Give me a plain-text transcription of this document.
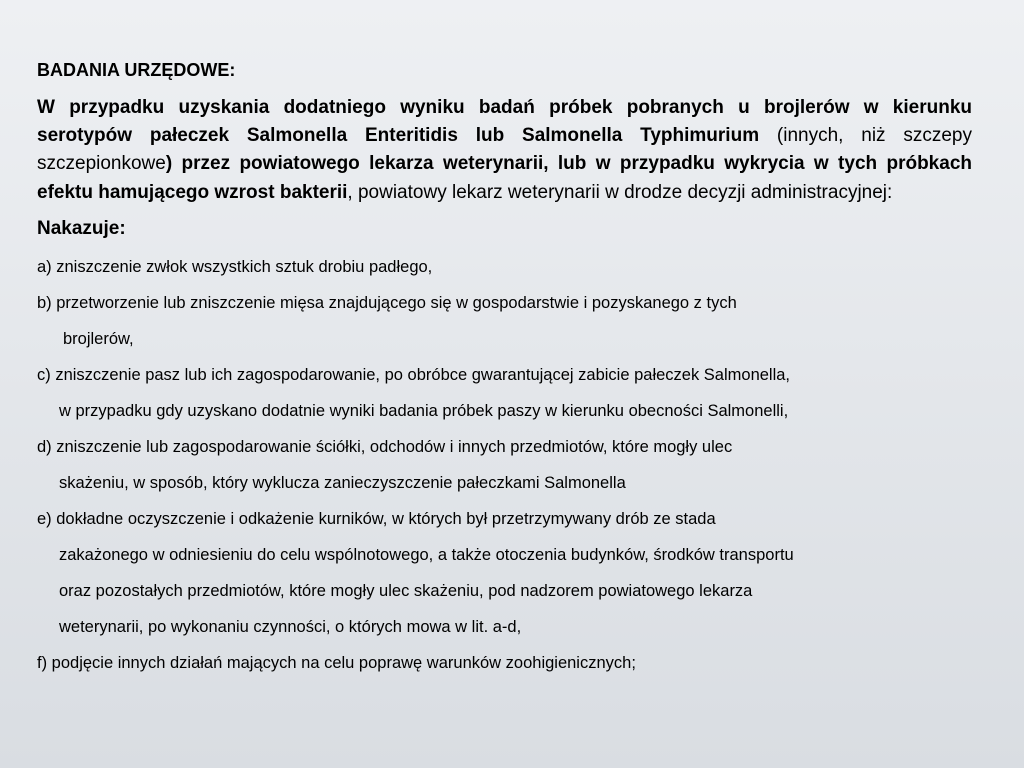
BADANIA URZĘDOWE:

W przypadku uzyskania dodatniego wyniku badań próbek pobranych u brojlerów w kierunku serotypów pałeczek Salmonella Enteritidis lub Salmonella Typhimurium (innych, niż szczepy szczepionkowe) przez powiatowego lekarza weterynarii, lub w przypadku wykrycia w tych próbkach efektu hamującego wzrost bakterii, powiatowy lekarz weterynarii w drodze decyzji administracyjnej:

Nakazuje:
a) zniszczenie zwłok wszystkich sztuk drobiu padłego,
b) przetworzenie lub zniszczenie mięsa znajdującego się w gospodarstwie i pozyskanego z tych
brojlerów,
c) zniszczenie pasz lub ich zagospodarowanie, po obróbce gwarantującej zabicie pałeczek Salmonella,
w przypadku gdy uzyskano dodatnie wyniki badania próbek paszy w kierunku obecności Salmonelli,
d) zniszczenie lub zagospodarowanie ściółki, odchodów i innych przedmiotów, które mogły ulec
skażeniu, w sposób, który wyklucza zanieczyszczenie pałeczkami Salmonella
e) dokładne oczyszczenie i odkażenie kurników, w których był przetrzymywany drób ze stada
zakażonego w odniesieniu do celu wspólnotowego, a także otoczenia budynków, środków transportu
oraz pozostałych przedmiotów, które mogły ulec skażeniu, pod nadzorem powiatowego lekarza
weterynarii, po wykonaniu czynności, o których mowa w lit. a-d,
f) podjęcie innych działań mających na celu poprawę warunków zoohigienicznych;
